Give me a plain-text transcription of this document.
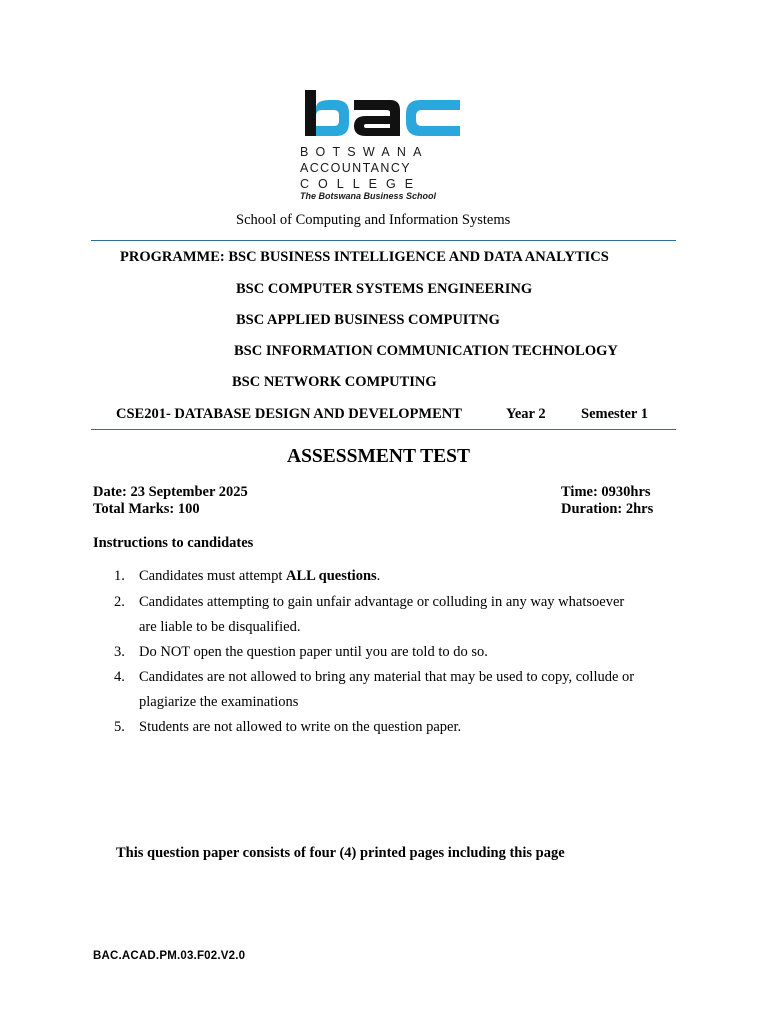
BOTSWANA
ACCOUNTANCY
COLLEGE
The Botswana Business School
School of Computing and Information Systems
PROGRAMME: BSC BUSINESS INTELLIGENCE AND DATA ANALYTICS
BSC COMPUTER SYSTEMS ENGINEERING
BSC APPLIED BUSINESS COMPUITNG
BSC INFORMATION COMMUNICATION TECHNOLOGY
BSC NETWORK COMPUTING
CSE201- DATABASE DESIGN AND DEVELOPMENT	Year 2 Semester 1
ASSESSMENT TEST
Date: 23 September 2025
Total Marks: 100
Time: 0930hrs
Duration: 2hrs
Instructions to candidates
1. Candidates must attempt ALL questions.
2. Candidates attempting to gain unfair advantage or colluding in any way whatsoever
are liable to be disqualified.
3. Do NOT open the question paper until you are told to do so.
4. Candidates are not allowed to bring any material that may be used to copy, collude or
plagiarize the examinations
5. Students are not allowed to write on the question paper.
This question paper consists of four (4) printed pages including this page
BAC.ACAD.PM.03.F02.V2.0
